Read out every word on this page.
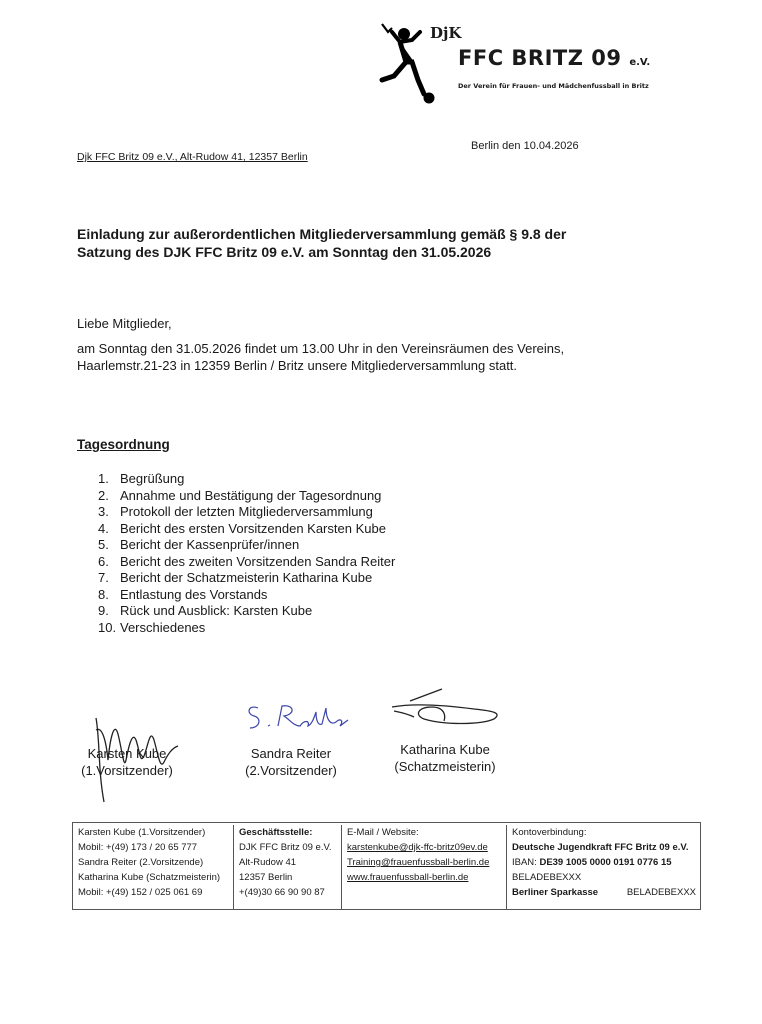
DjK
FFC BRITZ 09 e.V.
Der Verein für Frauen- und Mädchenfussball in Britz
Djk FFC Britz 09 e.V., Alt-Rudow 41, 12357 Berlin
Berlin den 10.04.2026
Einladung zur außerordentlichen Mitgliederversammlung gemäß § 9.8 der
Satzung des DJK FFC Britz 09 e.V. am Sonntag den 31.05.2026
Liebe Mitglieder,
am Sonntag den 31.05.2026 findet um 13.00 Uhr in den Vereinsräumen des Vereins,
Haarlemstr.21-23 in 12359 Berlin / Britz unsere Mitgliederversammlung statt.
Tagesordnung
1. Begrüßung
2. Annahme und Bestätigung der Tagesordnung
3. Protokoll der letzten Mitgliederversammlung
4. Bericht des ersten Vorsitzenden Karsten Kube
5. Bericht der Kassenprüfer/innen
6. Bericht des zweiten Vorsitzenden Sandra Reiter
7. Bericht der Schatzmeisterin Katharina Kube
8. Entlastung des Vorstands
9. Rück und Ausblick: Karsten Kube
10. Verschiedenes
Karsten Kube
(1.Vorsitzender)
Sandra Reiter
(2.Vorsitzender)
Katharina Kube
(Schatzmeisterin)
Karsten Kube (1.Vorsitzender)
Mobil: +(49) 173 / 20 65 777
Sandra Reiter (2.Vorsitzende)
Katharina Kube (Schatzmeisterin)
Mobil: +(49) 152 / 025 061 69
Geschäftsstelle:
DJK FFC Britz 09 e.V.
Alt-Rudow 41
12357 Berlin
+(49)30 66 90 90 87
E-Mail / Website:
karstenkube@djk-ffc-britz09ev.de
Training@frauenfussball-berlin.de
www.frauenfussball-berlin.de
Kontoverbindung:
Deutsche Jugendkraft FFC Britz 09 e.V.
IBAN: DE39 1005 0000 0191 0776 15
BELADEBEXXX
Berliner Sparkasse	BELADEBEXXX
